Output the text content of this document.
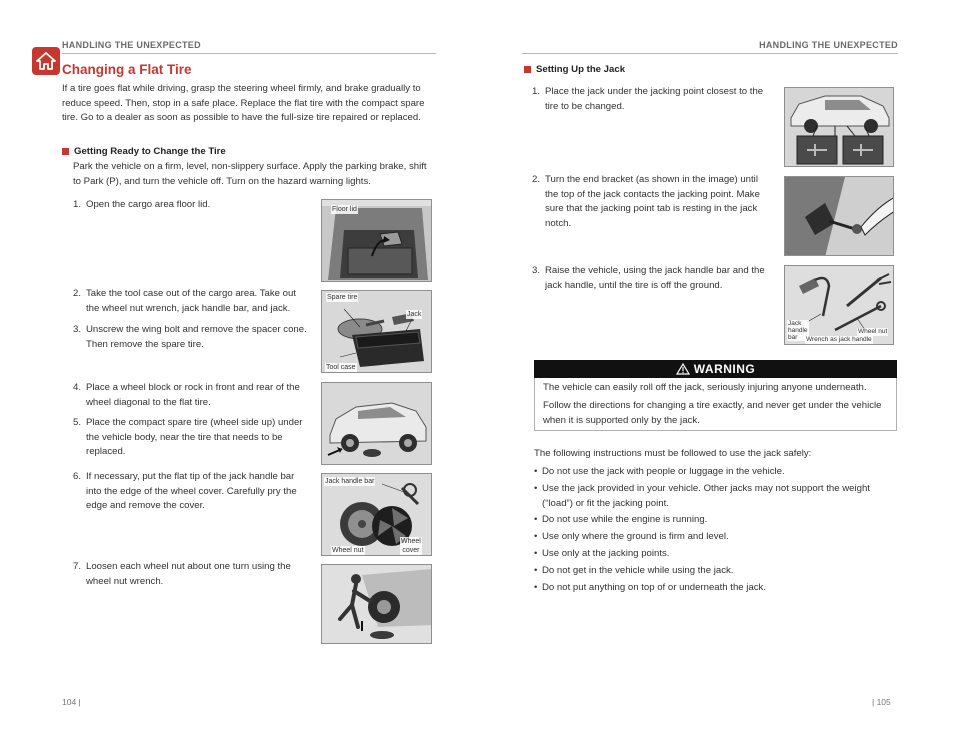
HANDLING THE UNEXPECTED
Changing a Flat Tire
If a tire goes flat while driving, grasp the steering wheel firmly, and brake gradually to reduce speed. Then, stop in a safe place. Replace the flat tire with the compact spare tire. Go to a dealer as soon as possible to have the full-size tire repaired or replaced.
Getting Ready to Change the Tire
Park the vehicle on a firm, level, non-slippery surface. Apply the parking brake, shift to Park (P), and turn the vehicle off. Turn on the hazard warning lights.
1. Open the cargo area floor lid.
2. Take the tool case out of the cargo area. Take out the wheel nut wrench, jack handle bar, and jack.
3. Unscrew the wing bolt and remove the spacer cone. Then remove the spare tire.
4. Place a wheel block or rock in front and rear of the wheel diagonal to the flat tire.
5. Place the compact spare tire (wheel side up) under the vehicle body, near the tire that needs to be replaced.
6. If necessary, put the flat tip of the jack handle bar into the edge of the wheel cover. Carefully pry the edge and remove the cover.
7. Loosen each wheel nut about one turn using the wheel nut wrench.
Floor lid
Spare tire
Jack
Tool case
Jack handle bar
Wheel nut
Wheel
cover
104 |
HANDLING THE UNEXPECTED
Setting Up the Jack
1. Place the jack under the jacking point closest to the tire to be changed.
2. Turn the end bracket (as shown in the image) until the top of the jack contacts the jacking point. Make sure that the jacking point tab is resting in the jack notch.
3. Raise the vehicle, using the jack handle bar and the jack handle, until the tire is off the ground.
Jack
handle
bar
Wheel nut
Wrench as jack handle
| 105
WARNING
The vehicle can easily roll off the jack, seriously injuring anyone underneath.
Follow the directions for changing a tire exactly, and never get under the vehicle when it is supported only by the jack.
The following instructions must be followed to use the jack safely:
• Do not use the jack with people or luggage in the vehicle.
• Use the jack provided in your vehicle. Other jacks may not support the weight (“load”) or fit the jacking point.
• Do not use while the engine is running.
• Use only where the ground is firm and level.
• Use only at the jacking points.
• Do not get in the vehicle while using the jack.
• Do not put anything on top of or underneath the jack.
